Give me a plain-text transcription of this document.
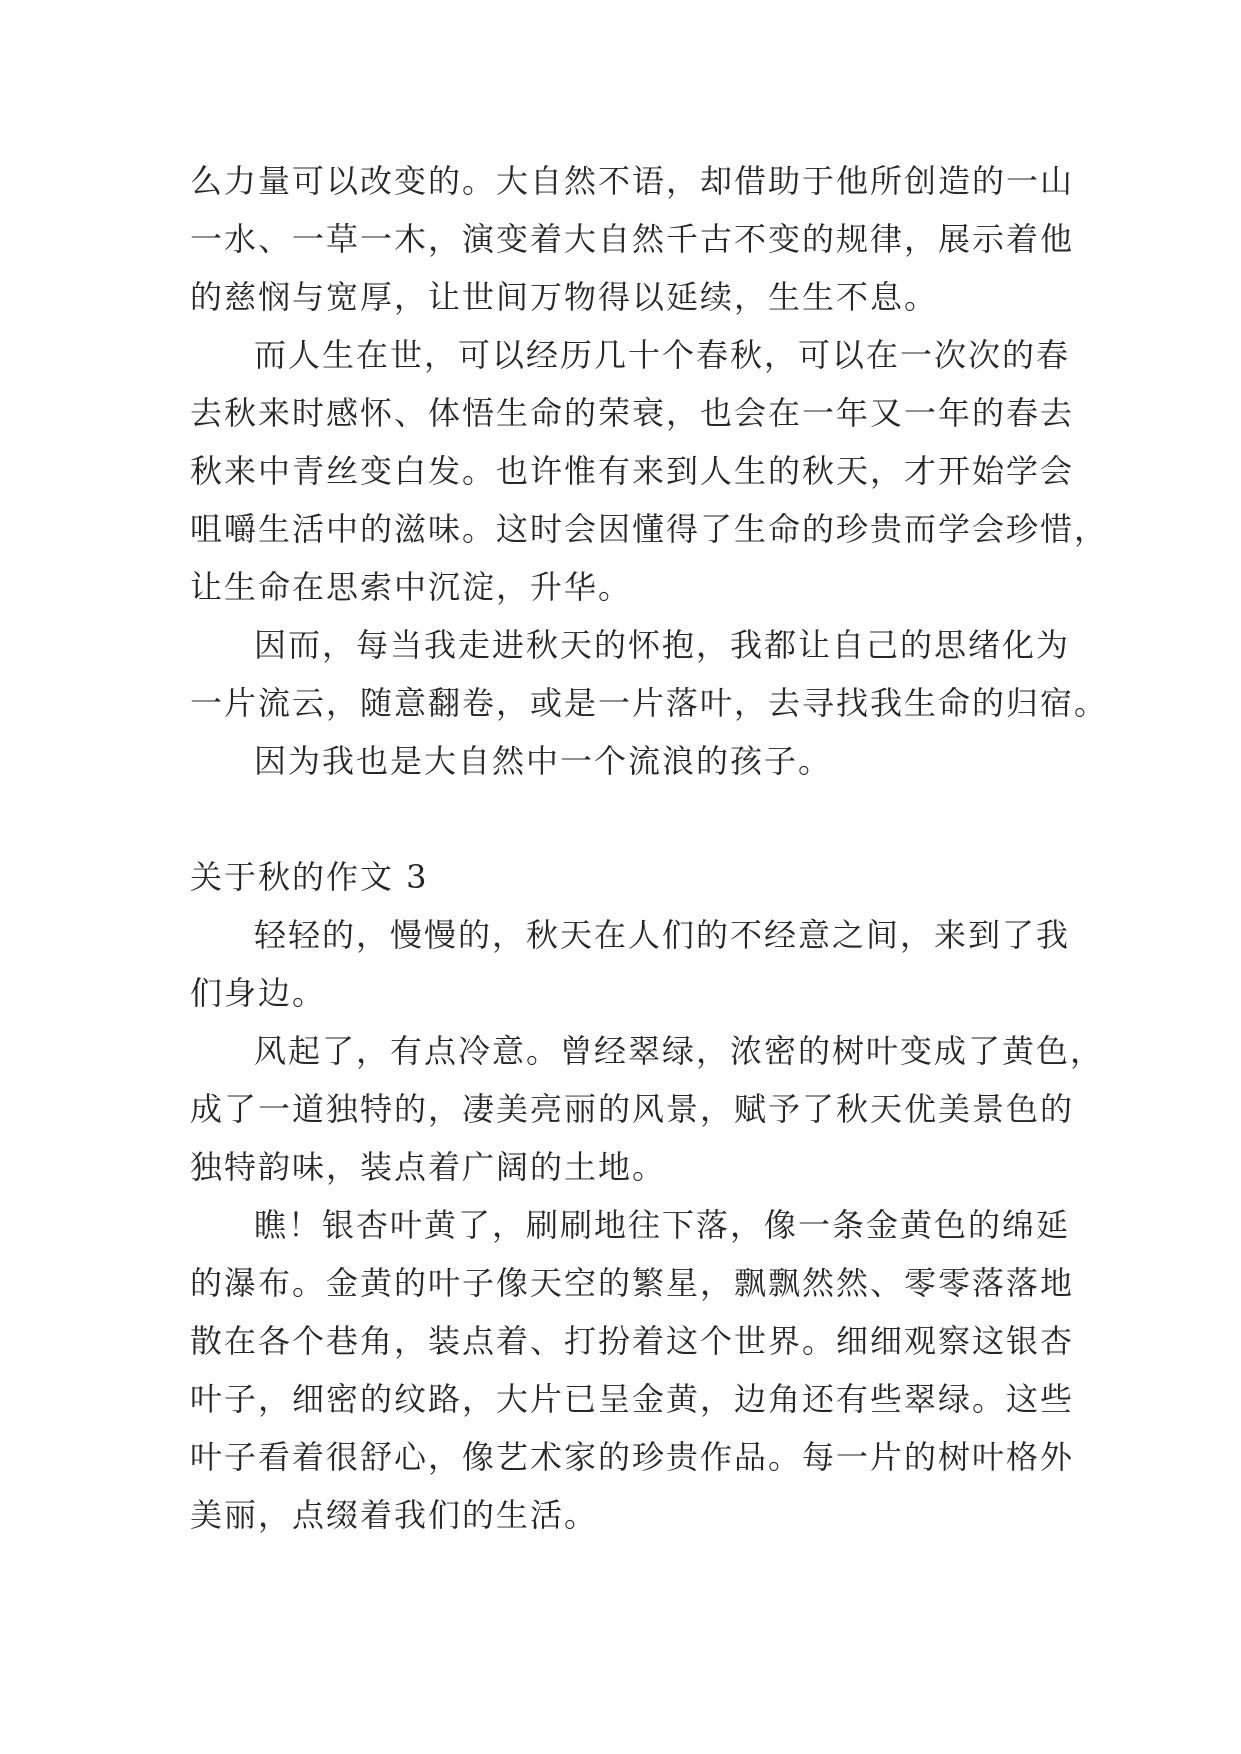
么力量可以改变的。大自然不语，却借助于他所创造的一山
一水、一草一木，演变着大自然千古不变的规律，展示着他
的慈悯与宽厚，让世间万物得以延续，生生不息。
而人生在世，可以经历几十个春秋，可以在一次次的春
去秋来时感怀、体悟生命的荣衰，也会在一年又一年的春去
秋来中青丝变白发。也许惟有来到人生的秋天，才开始学会
咀嚼生活中的滋味。这时会因懂得了生命的珍贵而学会珍惜，
让生命在思索中沉淀，升华。
因而，每当我走进秋天的怀抱，我都让自己的思绪化为
一片流云，随意翻卷，或是一片落叶，去寻找我生命的归宿。
因为我也是大自然中一个流浪的孩子。
关于秋的作文 3
轻轻的，慢慢的，秋天在人们的不经意之间，来到了我
们身边。
风起了，有点冷意。曾经翠绿，浓密的树叶变成了黄色，
成了一道独特的，凄美亮丽的风景，赋予了秋天优美景色的
独特韵味，装点着广阔的土地。
瞧！银杏叶黄了，刷刷地往下落，像一条金黄色的绵延
的瀑布。金黄的叶子像天空的繁星，飘飘然然、零零落落地
散在各个巷角，装点着、打扮着这个世界。细细观察这银杏
叶子，细密的纹路，大片已呈金黄，边角还有些翠绿。这些
叶子看着很舒心，像艺术家的珍贵作品。每一片的树叶格外
美丽，点缀着我们的生活。
